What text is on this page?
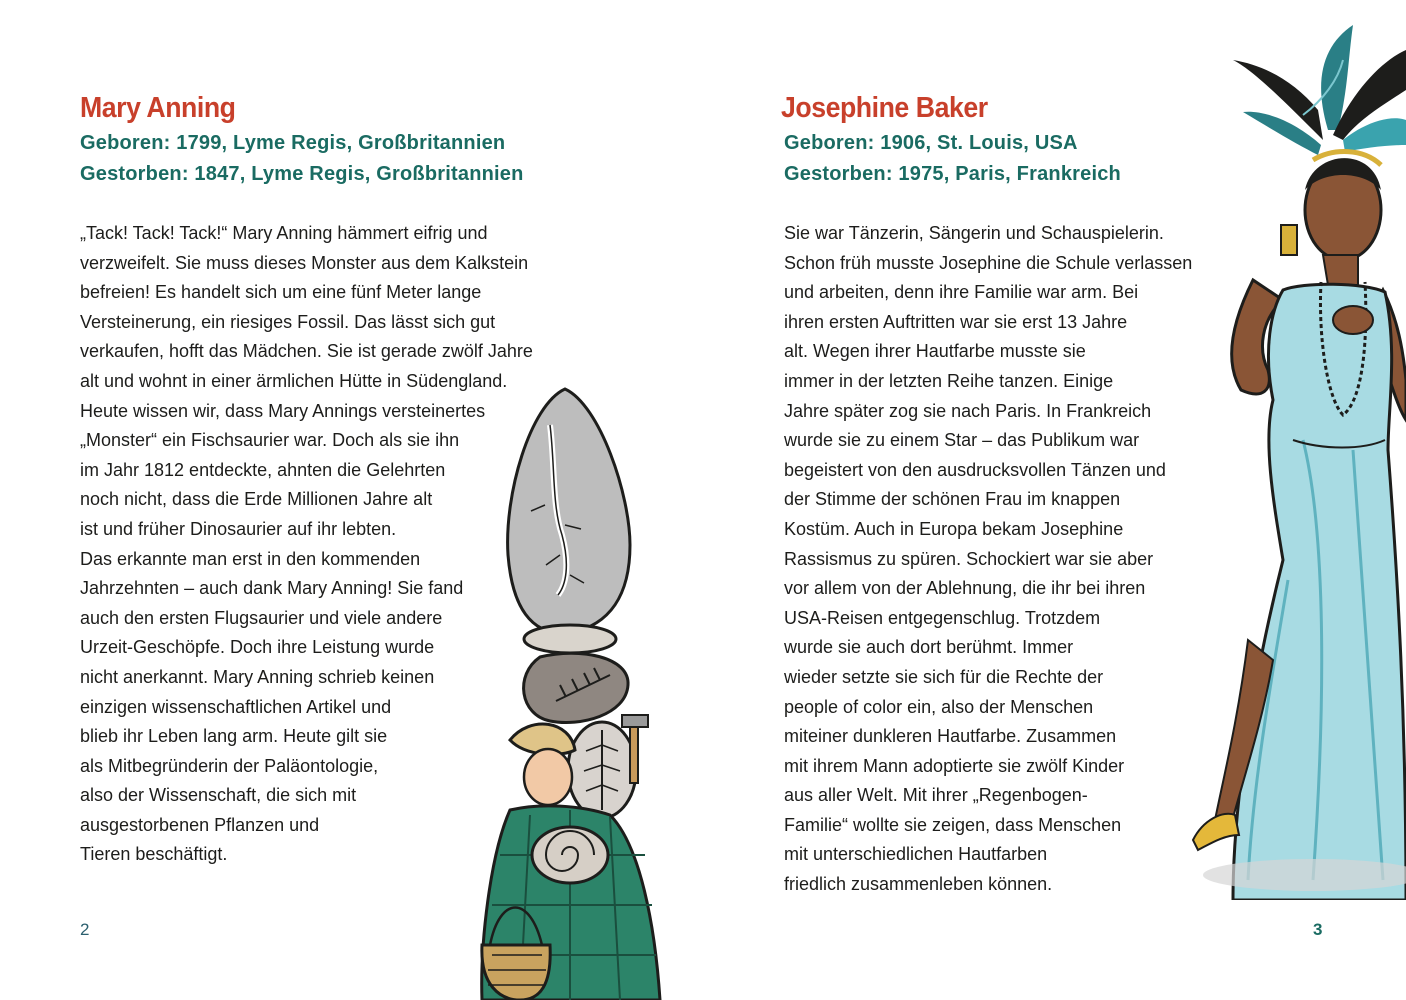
Mary Anning

Geboren: 1799, Lyme Regis, Großbritannien

Gestorben: 1847, Lyme Regis, Großbritannien

„Tack! Tack! Tack!“ Mary Anning hämmert eifrig und
verzweifelt. Sie muss dieses Monster aus dem Kalkstein
befreien! Es handelt sich um eine fünf Meter lange
Versteinerung, ein riesiges Fossil. Das lässt sich gut
verkaufen, hofft das Mädchen. Sie ist gerade zwölf Jahre
alt und wohnt in einer ärmlichen Hütte in Südengland.
Heute wissen wir, dass Mary Annings versteinertes
„Monster“ ein Fischsaurier war. Doch als sie ihn
im Jahr 1812 entdeckte, ahnten die Gelehrten
noch nicht, dass die Erde Millionen Jahre alt
ist und früher Dinosaurier auf ihr lebten.
Das erkannte man erst in den kommenden
Jahrzehnten – auch dank Mary Anning! Sie fand
auch den ersten Flugsaurier und viele andere
Urzeit-Geschöpfe. Doch ihre Leistung wurde
nicht anerkannt. Mary Anning schrieb keinen
einzigen wissenschaftlichen Artikel und
blieb ihr Leben lang arm. Heute gilt sie
als Mitbegründerin der Paläontologie,
also der Wissenschaft, die sich mit
ausgestorbenen Pflanzen und
Tieren beschäftigt.
2
Josephine Baker

Geboren: 1906, St. Louis, USA

Gestorben: 1975, Paris, Frankreich

Sie war Tänzerin, Sängerin und Schauspielerin.
Schon früh musste Josephine die Schule verlassen
und arbeiten, denn ihre Familie war arm. Bei
ihren ersten Auftritten war sie erst 13 Jahre
alt. Wegen ihrer Hautfarbe musste sie
immer in der letzten Reihe tanzen. Einige
Jahre später zog sie nach Paris. In Frankreich
wurde sie zu einem Star – das Publikum war
begeistert von den ausdrucksvollen Tänzen und
der Stimme der schönen Frau im knappen
Kostüm. Auch in Europa bekam Josephine
Rassismus zu spüren. Schockiert war sie aber
vor allem von der Ablehnung, die ihr bei ihren
USA-Reisen entgegenschlug. Trotzdem
wurde sie auch dort berühmt. Immer
wieder setzte sie sich für die Rechte der
people of color ein, also der Menschen
miteiner dunkleren Hautfarbe. Zusammen
mit ihrem Mann adoptierte sie zwölf Kinder
aus aller Welt. Mit ihrer „Regenbogen-
Familie“ wollte sie zeigen, dass Menschen
mit unterschiedlichen Hautfarben
friedlich zusammenleben können.
3
